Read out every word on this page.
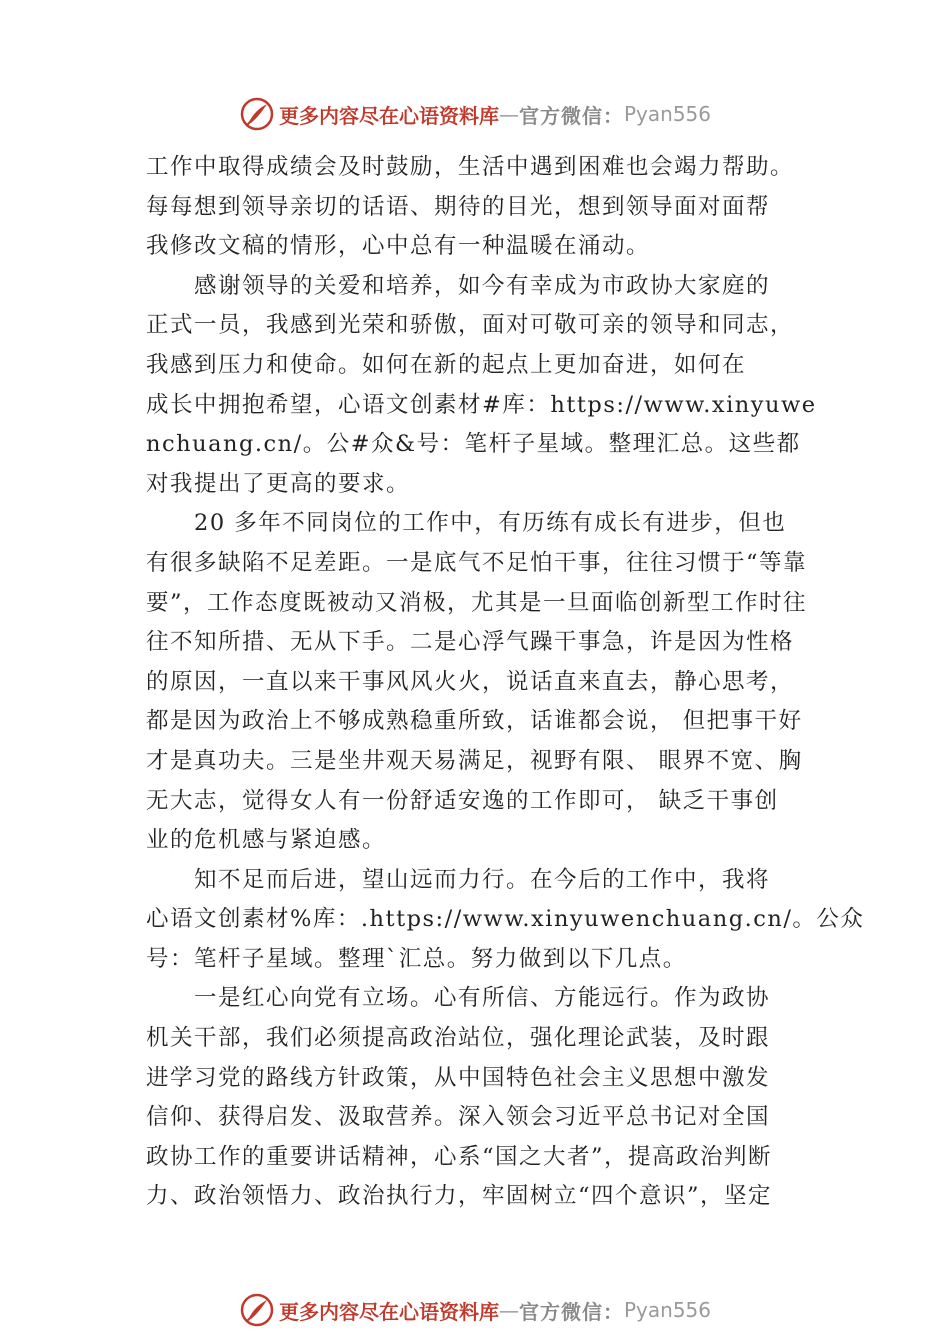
更多内容尽在心语资料库 — 官方微信： Pyan556
工作中取得成绩会及时鼓励，生活中遇到困难也会竭力帮助。
每每想到领导亲切的话语、期待的目光，想到领导面对面帮
我修改文稿的情形，心中总有一种温暖在涌动。
　　感谢领导的关爱和培养，如今有幸成为市政协大家庭的
正式一员，我感到光荣和骄傲，面对可敬可亲的领导和同志，
我感到压力和使命。如何在新的起点上更加奋进，如何在
成长中拥抱希望，心语文创素材#库：https://www.xinyuwe
nchuang.cn/。公#众&号：笔杆子星域。整理汇总。这些都
对我提出了更高的要求。
　　20 多年不同岗位的工作中，有历练有成长有进步，但也
有很多缺陷不足差距。一是底气不足怕干事，往往习惯于“等靠
要”，工作态度既被动又消极，尤其是一旦面临创新型工作时往
往不知所措、无从下手。二是心浮气躁干事急，许是因为性格
的原因，一直以来干事风风火火，说话直来直去，静心思考，
都是因为政治上不够成熟稳重所致，话谁都会说， 但把事干好
才是真功夫。三是坐井观天易满足，视野有限、 眼界不宽、胸
无大志，觉得女人有一份舒适安逸的工作即可， 缺乏干事创
业的危机感与紧迫感。
　　知不足而后进，望山远而力行。在今后的工作中，我将
心语文创素材%库：.https://www.xinyuwenchuang.cn/。公众
号：笔杆子星域。整理`汇总。努力做到以下几点。
　　一是红心向党有立场。心有所信、方能远行。作为政协
机关干部，我们必须提高政治站位，强化理论武装，及时跟
进学习党的路线方针政策，从中国特色社会主义思想中激发
信仰、获得启发、汲取营养。深入领会习近平总书记对全国
政协工作的重要讲话精神，心系“国之大者”，提高政治判断
力、政治领悟力、政治执行力，牢固树立“四个意识”，坚定
更多内容尽在心语资料库 — 官方微信： Pyan556
